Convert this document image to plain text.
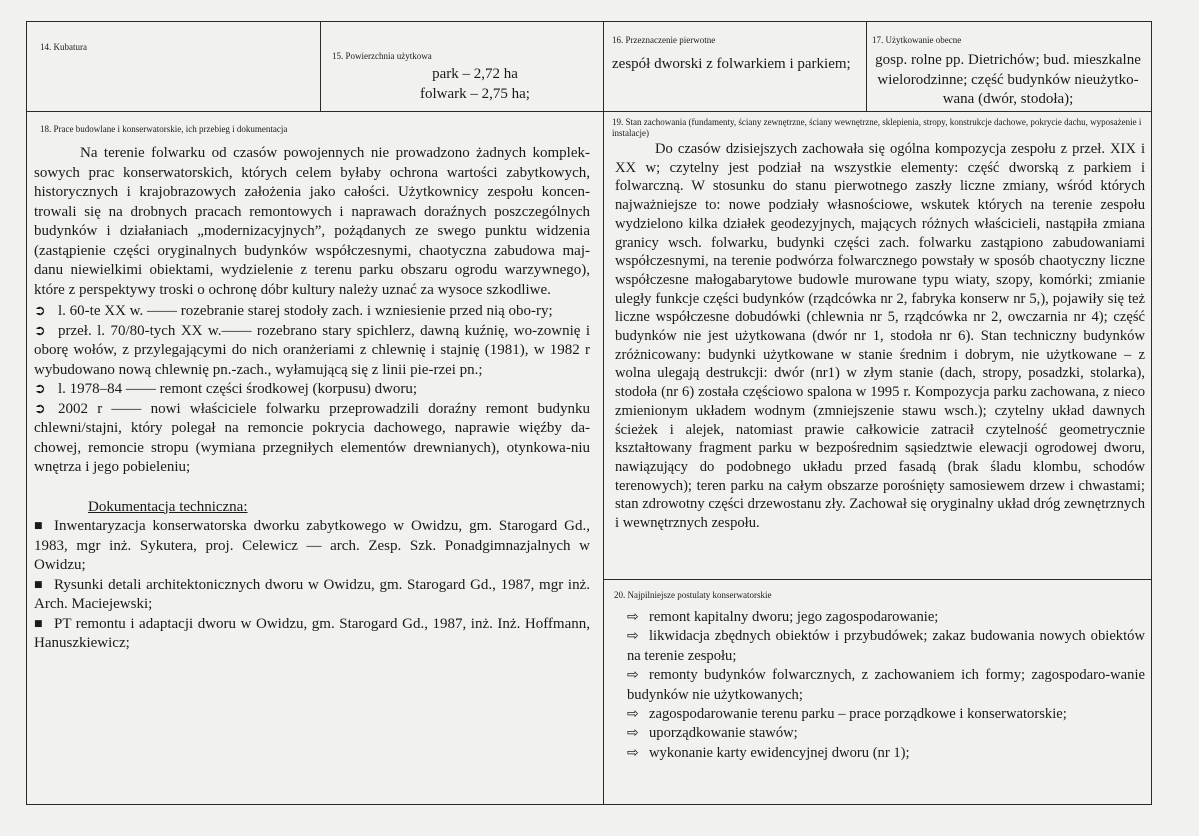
14. Kubatura
15. Powierzchnia użytkowa

park – 2,72 ha

folwark – 2,75 ha;

16. Przeznaczenie pierwotne
zespół dworski z folwarkiem i parkiem;
17. Użytkowanie obecne

gosp. rolne pp. Dietrichów; bud. mieszkalne

wielorodzinne; część budynków nieużytko-

wana (dwór, stodoła);

18. Prace budowlane i konserwatorskie, ich przebieg i dokumentacja

Na terenie folwarku od czasów powojennych nie prowadzono żadnych komplek-sowych prac konserwatorskich, których celem byłaby ochrona wartości zabytkowych, historycznych i krajobrazowych założenia jako całości. Użytkownicy zespołu koncen-trowali się na drobnych pracach remontowych i naprawach doraźnych poszczególnych budynków i działaniach „modernizacyjnych”, pożądanych ze swego punktu widzenia (zastąpienie części oryginalnych budynków współczesnymi, chaotyczna zabudowa maj-danu niewielkimi obiektami, wydzielenie z terenu parku obszaru ogrodu warzywnego), które z perspektywy troski o ochronę dóbr kultury należy uznać za wysoce szkodliwe.

➲ l. 60-te XX w. —— rozebranie starej stodoły zach. i wzniesienie przed nią obo-ry;
➲ przeł. l. 70/80-tych XX w.—— rozebrano stary spichlerz, dawną kuźnię, wo-zownię i oborę wołów, z przylegającymi do nich oranżeriami z chlewnię i stajnię (1981), w 1982 r wybudowano nową chlewnię pn.-zach., wyłamującą się z linii pie-rzei pn.;
➲ l. 1978–84 —— remont części środkowej (korpusu) dworu;
➲ 2002 r —— nowi właściciele folwarku przeprowadzili doraźny remont budynku chlewni/stajni, który polegał na remoncie pokrycia dachowego, naprawie więźby da-chowej, remoncie stropu (wymiana przegniłych elementów drewnianych), otynkowa-niu wnętrza i jego pobieleniu;

Dokumentacja techniczna:

■ Inwentaryzacja konserwatorska dworku zabytkowego w Owidzu, gm. Starogard Gd., 1983, mgr inż. Sykutera, proj. Celewicz — arch. Zesp. Szk. Ponadgimnazjalnych w Owidzu;
■ Rysunki detali architektonicznych dworu w Owidzu, gm. Starogard Gd., 1987, mgr inż. Arch. Maciejewski;
■ PT remontu i adaptacji dworu w Owidzu, gm. Starogard Gd., 1987, inż. Inż. Hoffmann, Hanuszkiewicz;
19. Stan zachowania (fundamenty, ściany zewnętrzne, ściany wewnętrzne, sklepienia, stropy, konstrukcje dachowe, pokrycie dachu, wyposażenie i instalacje)
Do czasów dzisiejszych zachowała się ogólna kompozycja zespołu z przeł. XIX i XX w; czytelny jest podział na wszystkie elementy: część dworską z parkiem i folwarczną. W stosunku do stanu pierwotnego zaszły liczne zmiany, wśród których najważniejsze to: nowe podziały własnościowe, wskutek których na terenie zespołu wydzielono kilka działek geodezyjnych, mających różnych właścicieli, nastąpiła zmiana granicy wsch. folwarku, budynki części zach. folwarku zastąpiono zabudowaniami współczesnymi, na terenie podwórza folwarcznego powstały w sposób chaotyczny liczne współczesne małogabarytowe budowle murowane typu wiaty, szopy, komórki; zmianie uległy funkcje części budynków (rządcówka nr 2, fabryka konserw nr 5,), pojawiły się też liczne współczesne dobudówki (chlewnia nr 5, rządcówka nr 2, owczarnia nr 4); część budynków nie jest użytkowana (dwór nr 1, stodoła nr 6). Stan techniczny budynków zróżnicowany: budynki użytkowane w stanie średnim i dobrym, nie użytkowane – z wolna ulegają destrukcji: dwór (nr1) w złym stanie (dach, stropy, posadzki, stolarka), stodoła (nr 6) została częściowo spalona w 1995 r. Kompozycja parku zachowana, z nieco zmienionym układem wodnym (zmniejszenie stawu wsch.); czytelny układ dawnych ścieżek i alejek, natomiast prawie całkowicie zatracił czytelność geometrycznie kształtowany fragment parku w bezpośrednim sąsiedztwie elewacji ogrodowej dworu, nawiązujący do podobnego układu przed fasadą (brak śladu klombu, schodów terenowych); teren parku na całym obszarze porośnięty samosiewem drzew i chwastami; stan zdrowotny części drzewostanu zły. Zachował się oryginalny układ dróg zewnętrznych i wewnętrznych zespołu.
20. Najpilniejsze postulaty konserwatorskie
⇨ remont kapitalny dworu; jego zagospodarowanie;
⇨ likwidacja zbędnych obiektów i przybudówek; zakaz budowania nowych obiektów na terenie zespołu;
⇨ remonty budynków folwarcznych, z zachowaniem ich formy; zagospodaro-wanie budynków nie użytkowanych;
⇨ zagospodarowanie terenu parku – prace porządkowe i konserwatorskie;
⇨ uporządkowanie stawów;
⇨ wykonanie karty ewidencyjnej dworu (nr 1);
